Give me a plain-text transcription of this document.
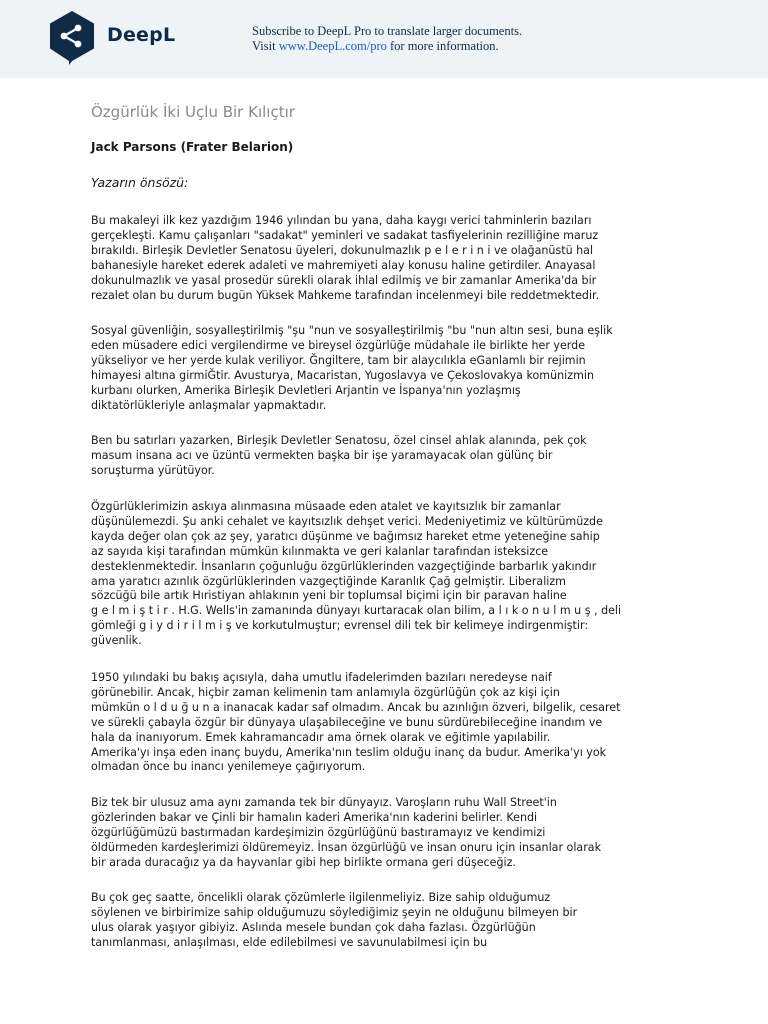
DeepL	Subscribe to DeepL Pro to translate larger documents.
Visit www.DeepL.com/pro for more information.
Özgürlük İki Uçlu Bir Kılıçtır
Jack Parsons (Frater Belarion)
Yazarın önsözü:
Bu makaleyi ilk kez yazdığım 1946 yılından bu yana, daha kaygı verici tahminlerin bazıları
gerçekleşti. Kamu çalışanları "sadakat" yeminleri ve sadakat tasfiyelerinin rezilliğine maruz
bırakıldı. Birleşik Devletler Senatosu üyeleri, dokunulmazlık p e l e r i n i ve olağanüstü hal
bahanesiyle hareket ederek adaleti ve mahremiyeti alay konusu haline getirdiler. Anayasal
dokunulmazlık ve yasal prosedür sürekli olarak ihlal edilmiş ve bir zamanlar Amerika'da bir
rezalet olan bu durum bugün Yüksek Mahkeme tarafından incelenmeyi bile reddetmektedir.
Sosyal güvenliğin, sosyalleştirilmiş "şu "nun ve sosyalleştirilmiş "bu "nun altın sesi, buna eşlik
eden müsadere edici vergilendirme ve bireysel özgürlüğe müdahale ile birlikte her yerde
yükseliyor ve her yerde kulak veriliyor. Ğngiltere, tam bir alaycılıkla eGanlamlı bir rejimin
himayesi altına girmiĞtir. Avusturya, Macaristan, Yugoslavya ve Çekoslovakya komünizmin
kurbanı olurken, Amerika Birleşik Devletleri Arjantin ve İspanya'nın yozlaşmış
diktatörlükleriyle anlaşmalar yapmaktadır.
Ben bu satırları yazarken, Birleşik Devletler Senatosu, özel cinsel ahlak alanında, pek çok
masum insana acı ve üzüntü vermekten başka bir işe yaramayacak olan gülünç bir
soruşturma yürütüyor.
Özgürlüklerimizin askıya alınmasına müsaade eden atalet ve kayıtsızlık bir zamanlar
düşünülemezdi. Şu anki cehalet ve kayıtsızlık dehşet verici. Medeniyetimiz ve kültürümüzde
kayda değer olan çok az şey, yaratıcı düşünme ve bağımsız hareket etme yeteneğine sahip
az sayıda kişi tarafından mümkün kılınmakta ve geri kalanlar tarafından isteksizce
desteklenmektedir. İnsanların çoğunluğu özgürlüklerinden vazgeçtiğinde barbarlık yakındır
ama yaratıcı azınlık özgürlüklerinden vazgeçtiğinde Karanlık Çağ gelmiştir. Liberalizm
sözcüğü bile artık Hıristiyan ahlakının yeni bir toplumsal biçimi için bir paravan haline
g e l m i ş t i r . H.G. Wells'in zamanında dünyayı kurtaracak olan bilim, a l ı k o n u l m u ş , deli
gömleği g i y d i r i l m i ş ve korkutulmuştur; evrensel dili tek bir kelimeye indirgenmiştir:
güvenlik.
1950 yılındaki bu bakış açısıyla, daha umutlu ifadelerimden bazıları neredeyse naif
görünebilir. Ancak, hiçbir zaman kelimenin tam anlamıyla özgürlüğün çok az kişi için
mümkün o l d u ğ u n a inanacak kadar saf olmadım. Ancak bu azınlığın özveri, bilgelik, cesaret
ve sürekli çabayla özgür bir dünyaya ulaşabileceğine ve bunu sürdürebileceğine inandım ve
hala da inanıyorum. Emek kahramancadır ama örnek olarak ve eğitimle yapılabilir.
Amerika'yı inşa eden inanç buydu, Amerika'nın teslim olduğu inanç da budur. Amerika'yı yok
olmadan önce bu inancı yenilemeye çağırıyorum.
Biz tek bir ulusuz ama aynı zamanda tek bir dünyayız. Varoşların ruhu Wall Street'in
gözlerinden bakar ve Çinli bir hamalın kaderi Amerika'nın kaderini belirler. Kendi
özgürlüğümüzü bastırmadan kardeşimizin özgürlüğünü bastıramayız ve kendimizi
öldürmeden kardeşlerimizi öldüremeyiz. İnsan özgürlüğü ve insan onuru için insanlar olarak
bir arada duracağız ya da hayvanlar gibi hep birlikte ormana geri düşeceğiz.
Bu çok geç saatte, öncelikli olarak çözümlerle ilgilenmeliyiz. Bize sahip olduğumuz
söylenen ve birbirimize sahip olduğumuzu söylediğimiz şeyin ne olduğunu bilmeyen bir
ulus olarak yaşıyor gibiyiz. Aslında mesele bundan çok daha fazlası. Özgürlüğün
tanımlanması, anlaşılması, elde edilebilmesi ve savunulabilmesi için bu
